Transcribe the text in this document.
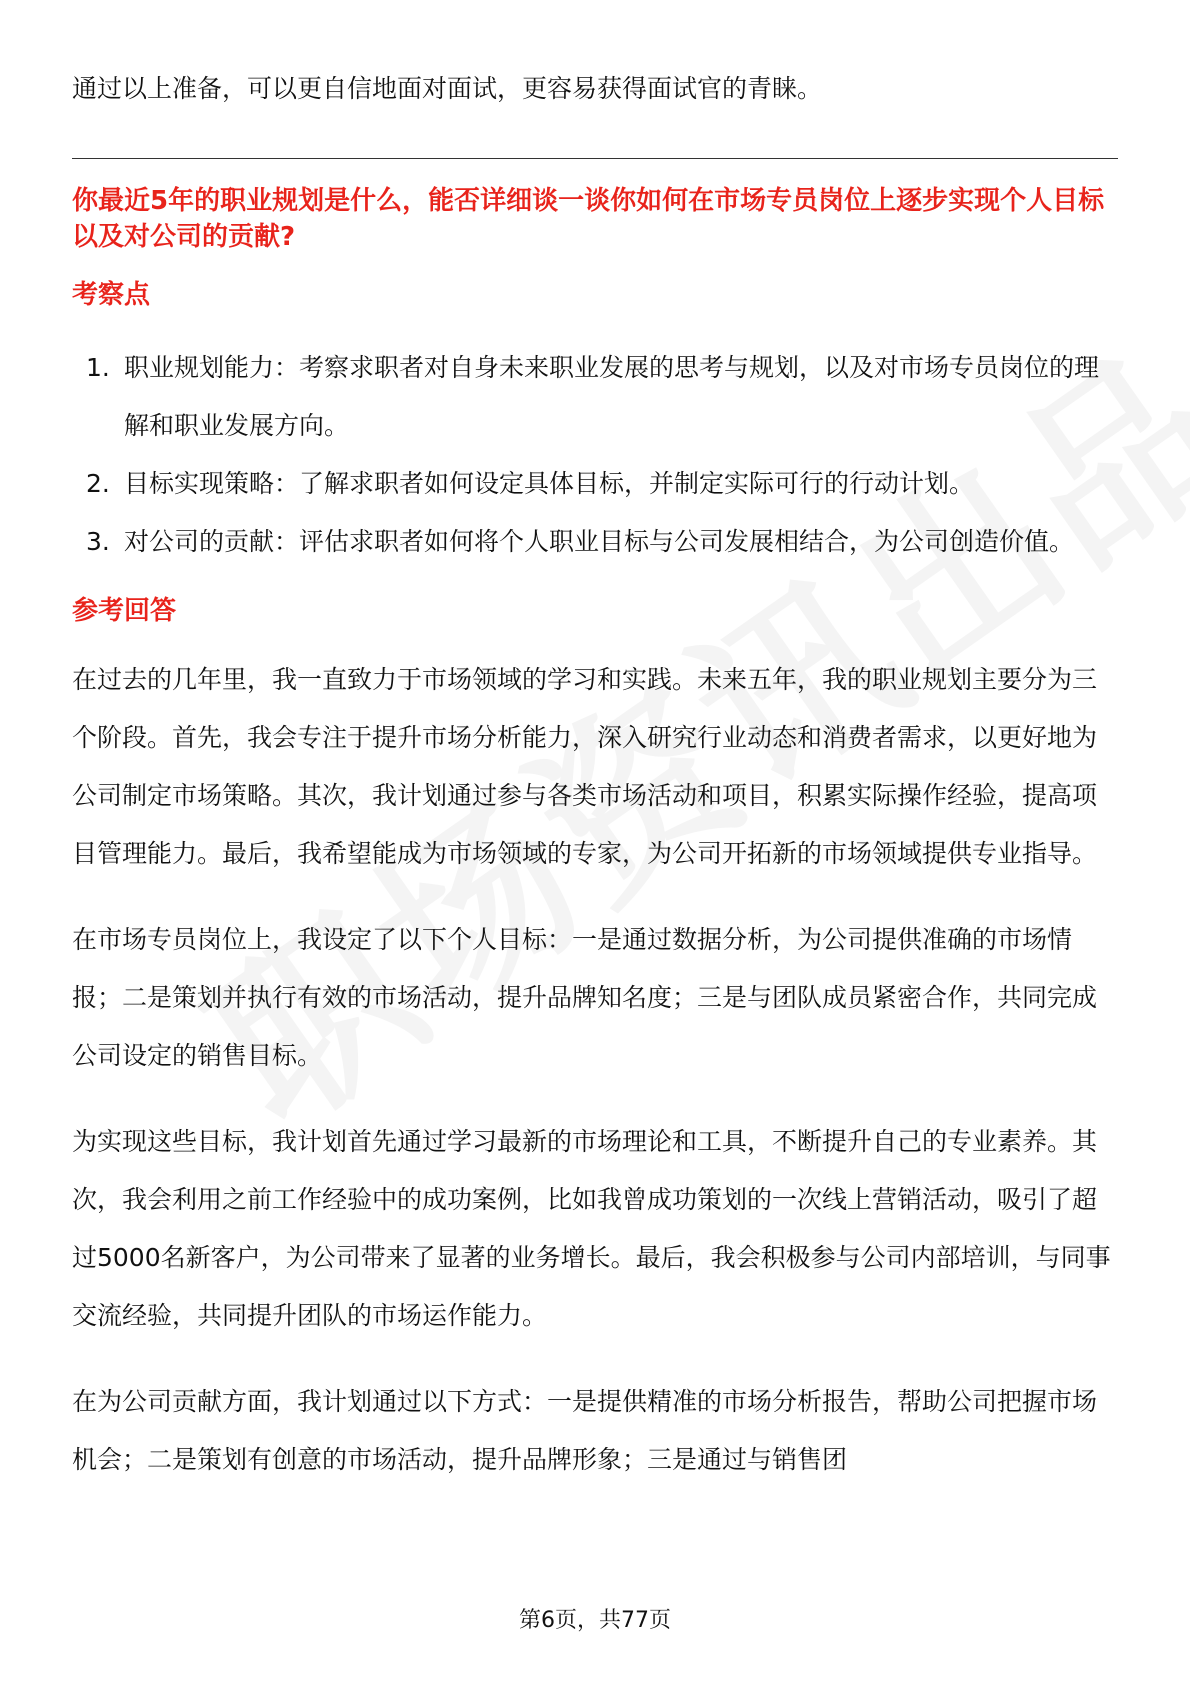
通过以上准备，可以更自信地面对面试，更容易获得面试官的青睐。

你最近5年的职业规划是什么，能否详细谈一谈你如何在市场专员岗位上逐步实现个人目标以及对公司的贡献?
考察点
1. 职业规划能力：考察求职者对自身未来职业发展的思考与规划，以及对市场专员岗位的理解和职业发展方向。
2. 目标实现策略：了解求职者如何设定具体目标，并制定实际可行的行动计划。
3. 对公司的贡献：评估求职者如何将个人职业目标与公司发展相结合，为公司创造价值。
参考回答

在过去的几年里，我一直致力于市场领域的学习和实践。未来五年，我的职业规划主要分为三个阶段。首先，我会专注于提升市场分析能力，深入研究行业动态和消费者需求，以更好地为公司制定市场策略。其次，我计划通过参与各类市场活动和项目，积累实际操作经验，提高项目管理能力。最后，我希望能成为市场领域的专家，为公司开拓新的市场领域提供专业指导。

在市场专员岗位上，我设定了以下个人目标：一是通过数据分析，为公司提供准确的市场情报；二是策划并执行有效的市场活动，提升品牌知名度；三是与团队成员紧密合作，共同完成公司设定的销售目标。

为实现这些目标，我计划首先通过学习最新的市场理论和工具，不断提升自己的专业素养。其次，我会利用之前工作经验中的成功案例，比如我曾成功策划的一次线上营销活动，吸引了超过5000名新客户，为公司带来了显著的业务增长。最后，我会积极参与公司内部培训，与同事交流经验，共同提升团队的市场运作能力。

在为公司贡献方面，我计划通过以下方式：一是提供精准的市场分析报告，帮助公司把握市场机会；二是策划有创意的市场活动，提升品牌形象；三是通过与销售团

第6页，共77页
